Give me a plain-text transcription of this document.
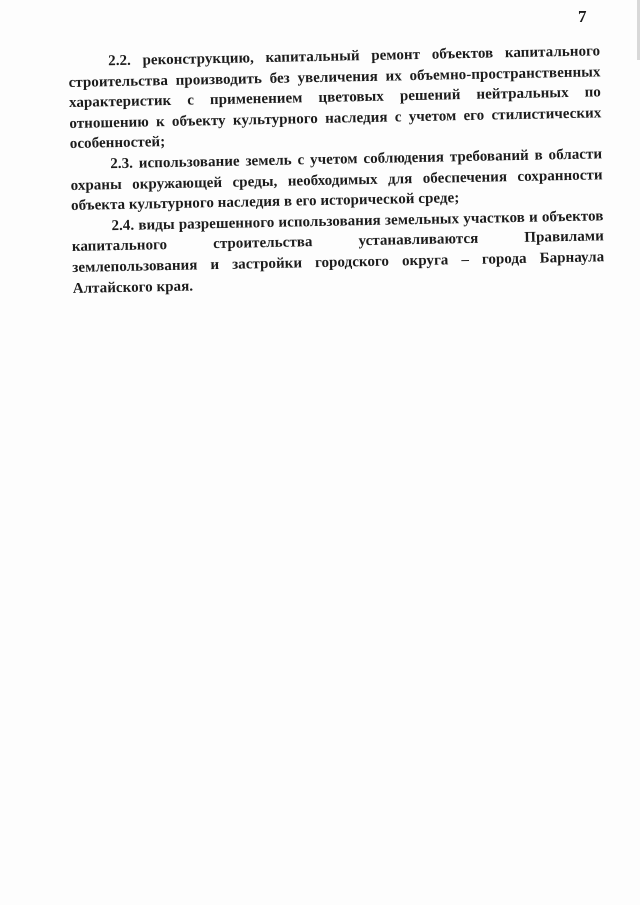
7

2.2. реконструкцию, капитальный ремонт объектов капитального строительства производить без увеличения их объемно-пространственных характеристик с применением цветовых решений нейтральных по отношению к объекту культурного наследия с учетом его стилистических особенностей;

2.3. использование земель с учетом соблюдения требований в области охраны окружающей среды, необходимых для обеспечения сохранности объекта культурного наследия в его исторической среде;

2.4. виды разрешенного использования земельных участков и объектов капитального строительства устанавливаются Правилами землепользования и застройки городского округа – города Барнаула Алтайского края.
